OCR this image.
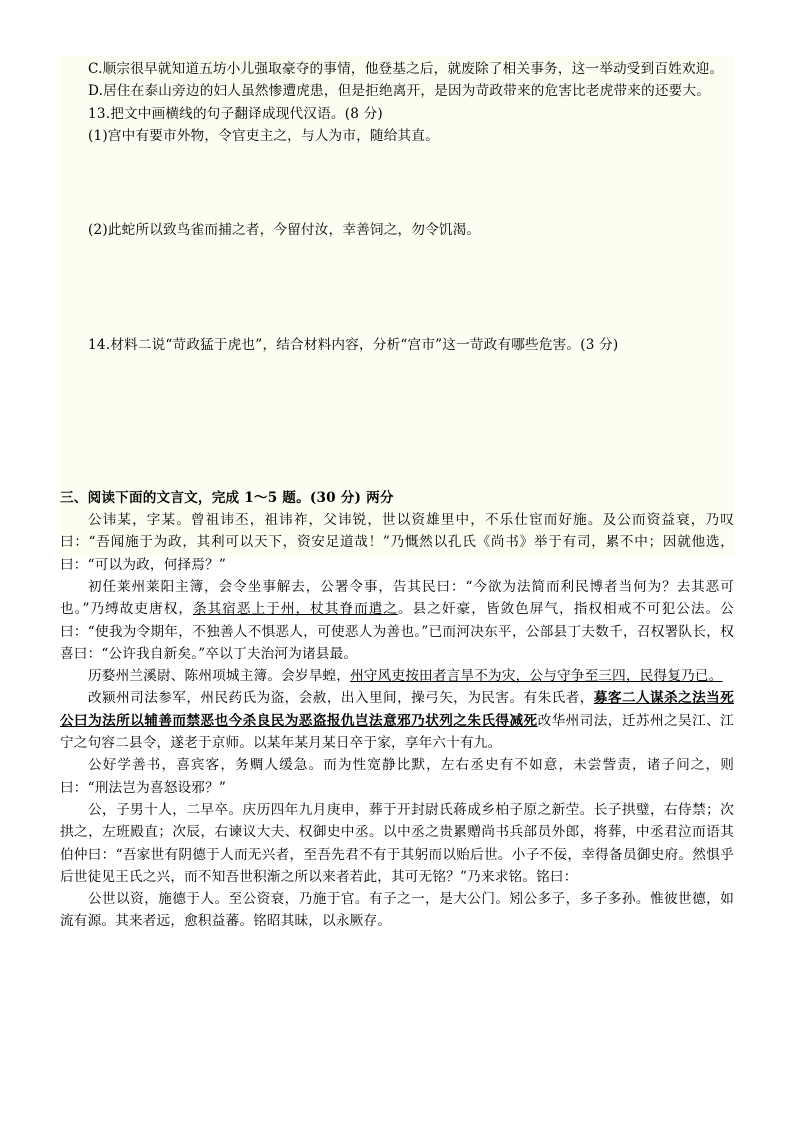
C.顺宗很早就知道五坊小儿强取豪夺的事情，他登基之后，就废除了相关事务，这一举动受到百姓欢迎。

D.居住在泰山旁边的妇人虽然惨遭虎患，但是拒绝离开，是因为苛政带来的危害比老虎带来的还要大。

13.把文中画横线的句子翻译成现代汉语。(8 分)

(1)宫中有要市外物，令官吏主之，与人为市，随给其直。

(2)此蛇所以致鸟雀而捕之者，今留付汝，幸善饲之，勿令饥渴。

14.材料二说“苛政猛于虎也”，结合材料内容，分析“宫市”这一苛政有哪些危害。(3 分)

三、阅读下面的文言文，完成 1～5 题。(30 分) 两分

公讳某，字某。曾祖讳丕，祖讳祚，父讳锐，世以资雄里中，不乐仕宦而好施。及公而资益衰，乃叹曰：“吾闻施于为政，其利可以天下，资安足道哉！”乃慨然以孔氏《尚书》举于有司，累不中；因就他选，曰：“可以为政，何择焉？”

初任莱州莱阳主簿，会令坐事解去，公署令事，告其民曰：“今欲为法简而利民博者当何为？去其恶可也。”乃缚故吏唐权，条其宿恶上于州，杖其脊而遣之。县之奸豪，皆敛色屏气，指权相戒不可犯公法。公曰：“使我为令期年，不独善人不惧恶人，可使恶人为善也。”已而河决东平，公部县丁夫数千，召权署队长，权喜曰：“公许我自新矣。”卒以丁夫治河为诸县最。

历婺州兰溪尉、陈州项城主簿。会岁旱蝗，州守风吏按田者言旱不为灾，公与守争至三四，民得复乃已。

改颍州司法参军，州民药氏为盗，会赦，出入里间，操弓矢，为民害。有朱氏者，募客二人谋杀之法当死公曰为法所以辅善而禁恶也今杀良民为恶盗报仇岂法意邪乃状列之朱氏得减死改华州司法，迁苏州之吴江、江宁之句容二县令，遂老于京师。以某年某月某日卒于家，享年六十有九。

公好学善书，喜宾客，务赒人缓急。而为性宽静比默，左右丞史有不如意，未尝訾责，诸子问之，则曰：“刑法岂为喜怒设邪？”

公，子男十人，二早卒。庆历四年九月庚申，葬于开封尉氏蒋成乡柏子原之新茔。长子拱璧，右侍禁；次拱之，左班殿直；次辰，右谏议大夫、权御史中丞。以中丞之贵累赠尚书兵部员外郎，将葬，中丞君泣而语其伯仲曰：“吾家世有阴德于人而无兴者，至吾先君不有于其躬而以贻后世。小子不佞，幸得备员御史府。然惧乎后世徒见王氏之兴，而不知吾世积渐之所以来者若此，其可无铭？”乃来求铭。铭曰：

公世以资，施德于人。至公资衰，乃施于官。有子之一，是大公门。矧公多子，多子多孙。惟彼世德，如流有源。其来者远，愈积益蕃。铭昭其昧，以永厥存。
